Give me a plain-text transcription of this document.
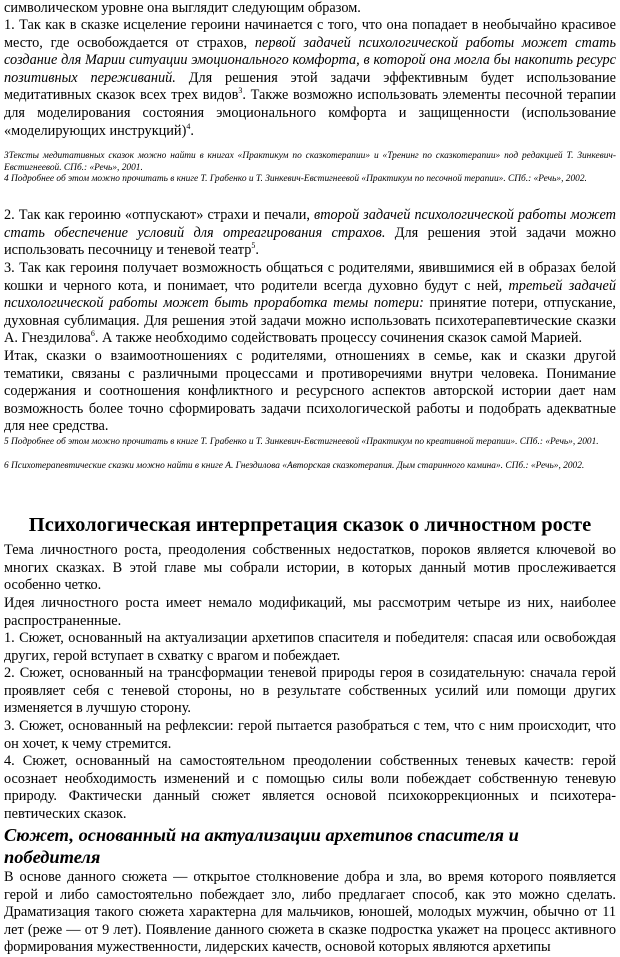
символическом уровне она выглядит следующим образом.

1. Так как в сказке исцеление героини начинается с того, что она попадает в необычайно красивое место, где освобождается от страхов, первой задачей психологической работы может стать создание для Марии ситуации эмоционального комфорта, в которой она могла бы накопить ресурс позитивных переживаний. Для решения этой задачи эффективным будет использование медитативных сказок всех трех видов$^3$. Также возможно использовать элементы песочной терапии для моделирования состояния эмоционального комфорта и защищенности (использование «моделирующих инструкций)$^4$.

3Тексты медитативных сказок можно найти в книгах «Практикум по сказкотерапии» и «Тренинг по сказкотерапии» под редакцией Т. Зинкевич-Евстигнеевой. СПб.: «Речь», 2001.

4 Подробнее об этом можно прочитать в книге Т. Грабенко и Т. Зинкевич-Евстигнеевой «Практикум по песочной терапии». СПб.: «Речь», 2002.

2. Так как героиню «отпускают» страхи и печали, второй задачей психологической работы может стать обеспечение условий для отреагирования страхов. Для решения этой задачи можно использовать песочницу и теневой театр$^5$.

3. Так как героиня получает возможность общаться с родителями, явившимися ей в образах белой кошки и черного кота, и понимает, что родители всегда духовно будут с ней, третьей задачей психологической работы может быть проработка темы потери: принятие потери, отпускание, духовная сублимация. Для решения этой задачи можно использовать психотерапевтические сказки А. Гнездилова$^6$. А также необходимо содействовать процессу сочинения сказок самой Марией.

Итак, сказки о взаимоотношениях с родителями, отношениях в семье, как и сказки другой тематики, связаны с различными процессами и противоречиями внутри человека. Понимание содержания и соотношения конфликтного и ресурсного аспектов авторской истории дает нам возможность более точно сформировать задачи психологической работы и подобрать адекватные для нее средства.

5 Подробнее об этом можно прочитать в книге Т. Грабенко и Т. Зинкевич-Евстигнеевой «Практикум по креативной терапии». СПб.: «Речь», 2001.

6 Психотерапевтические сказки можно найти в книге А. Гнездилова «Авторская сказкотерапия. Дым старинного камина». СПб.: «Речь», 2002.

Психологическая интерпретация сказок о личностном росте

Тема личностного роста, преодоления собственных недостатков, пороков является ключевой во многих сказках. В этой главе мы собрали истории, в которых данный мотив прослеживается особенно четко.

Идея личностного роста имеет немало модификаций, мы рассмотрим четыре из них, наиболее распространенные.

1. Сюжет, основанный на актуализации архетипов спасителя и победителя: спасая или освобождая других, герой вступает в схватку с врагом и побеждает.

2. Сюжет, основанный на трансформации теневой природы героя в созидательную: сначала герой проявляет себя с теневой стороны, но в результате собственных усилий или помощи других изменяется в лучшую сторону.

3. Сюжет, основанный на рефлексии: герой пытается разобраться с тем, что с ним происходит, что он хочет, к чему стремится.

4. Сюжет, основанный на самостоятельном преодолении собственных теневых качеств: герой осознает необходимость изменений и с помощью силы воли побеждает собственную теневую природу. Фактически данный сюжет является основой психокоррекционных и психотера-певтических сказок.

Сюжет, основанный на актуализации архетипов спасителя и победителя

В основе данного сюжета — открытое столкновение добра и зла, во время которого появляется герой и либо самостоятельно побеждает зло, либо предлагает способ, как это можно сделать. Драматизация такого сюжета характерна для мальчиков, юношей, молодых мужчин, обычно от 11 лет (реже — от 9 лет). Появление данного сюжета в сказке подростка укажет на процесс активного формирования мужественности, лидерских качеств, основой которых являются архетипы
